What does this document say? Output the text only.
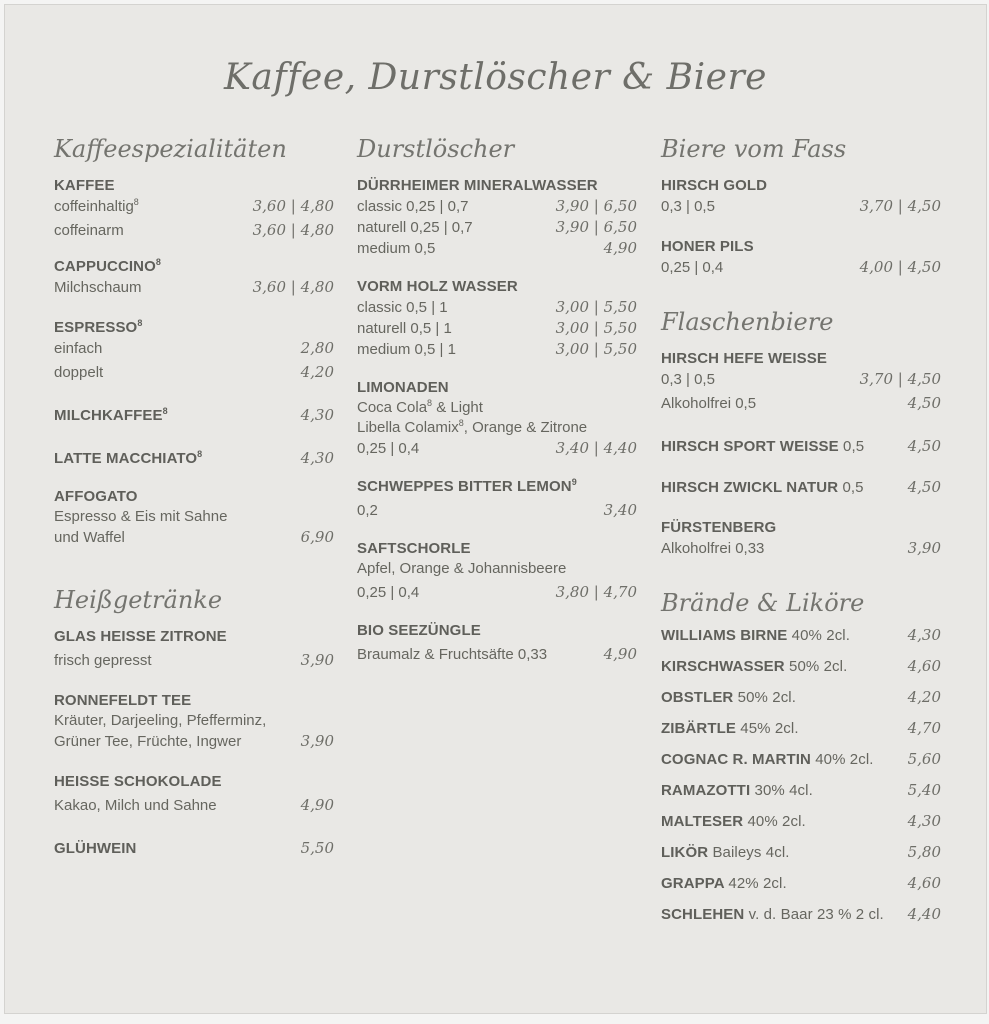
Kaffee, Durstlöscher & Biere
Kaffeespezialitäten
KAFFEE
coffeinhaltig$^8$	3,60 | 4,80
coffeinarm	3,60 | 4,80
CAPPUCCINO$^8$
Milchschaum	3,60 | 4,80
ESPRESSO$^8$
einfach	2,80
doppelt	4,20
MILCHKAFFEE$^8$	4,30
LATTE MACCHIATO$^8$	4,30
AFFOGATO
Espresso & Eis mit Sahne
und Waffel	6,90
Heißgetränke
GLAS HEISSE ZITRONE
frisch gepresst	3,90
RONNEFELDT TEE
Kräuter, Darjeeling, Pfefferminz,
Grüner Tee, Früchte, Ingwer	3,90
HEISSE SCHOKOLADE
Kakao, Milch und Sahne	4,90
GLÜHWEIN	5,50
Durstlöscher
DÜRRHEIMER MINERALWASSER
classic 0,25 | 0,7	3,90 | 6,50
naturell 0,25 | 0,7	3,90 | 6,50
medium 0,5	4,90
VORM HOLZ WASSER
classic 0,5 | 1	3,00 | 5,50
naturell 0,5 | 1	3,00 | 5,50
medium 0,5 | 1	3,00 | 5,50
LIMONADEN
Coca Cola$^8$ & Light
Libella Colamix$^8$, Orange & Zitrone
0,25 | 0,4	3,40 | 4,40
SCHWEPPES BITTER LEMON$^9$
0,2	3,40
SAFTSCHORLE
Apfel, Orange & Johannisbeere
0,25 | 0,4	3,80 | 4,70
BIO SEEZÜNGLE
Braumalz & Fruchtsäfte 0,33	4,90
Biere vom Fass
HIRSCH GOLD
0,3 | 0,5	3,70 | 4,50
HONER PILS
0,25 | 0,4	4,00 | 4,50
Flaschenbiere
HIRSCH HEFE WEISSE
0,3 | 0,5	3,70 | 4,50
Alkoholfrei 0,5	4,50
HIRSCH SPORT WEISSE 0,5	4,50
HIRSCH ZWICKL NATUR 0,5	4,50
FÜRSTENBERG
Alkoholfrei 0,33	3,90
Brände & Liköre
WILLIAMS BIRNE 40% 2cl.	4,30
KIRSCHWASSER 50% 2cl.	4,60
OBSTLER 50% 2cl.	4,20
ZIBÄRTLE 45% 2cl.	4,70
COGNAC R. MARTIN 40% 2cl. 5,60
RAMAZOTTI 30% 4cl.	5,40
MALTESER 40% 2cl.	4,30
LIKÖR Baileys 4cl.	5,80
GRAPPA 42% 2cl.	4,60
SCHLEHEN v. d. Baar 23 % 2 cl. 4,40
